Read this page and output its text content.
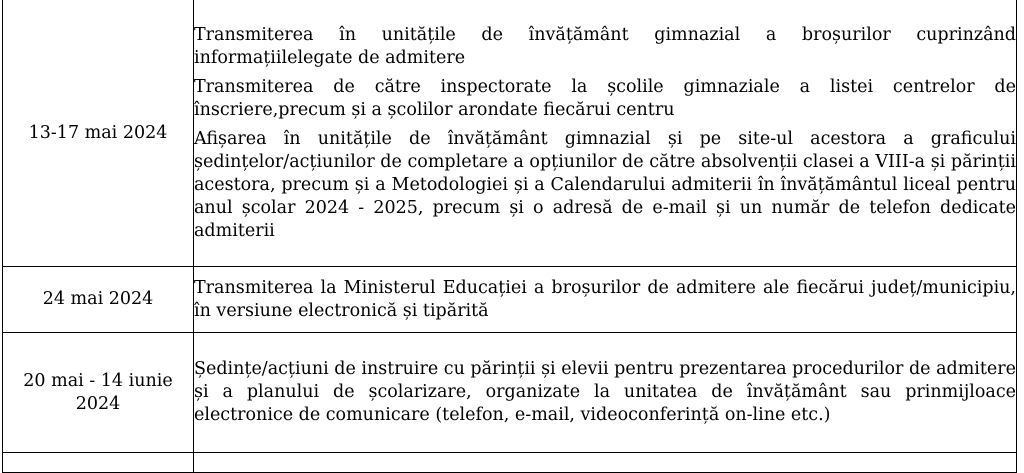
13-17 mai 2024	Transmiterea în unitățile de învățământ gimnazial a broșurilor cuprinzând informațiilelegate de admitere

Transmiterea de către inspectorate la școlile gimnaziale a listei centrelor de înscriere,precum și a școlilor arondate fiecărui centru

Afișarea în unitățile de învățământ gimnazial și pe site-ul acestora a graficului ședințelor/acțiunilor de completare a opțiunilor de către absolvenții clasei a VIII-a și părinții acestora, precum și a Metodologiei și a Calendarului admiterii în învățământul liceal pentru anul școlar 2024 - 2025, precum și o adresă de e-mail și un număr de telefon dedicate admiterii

24 mai 2024	Transmiterea la Ministerul Educației a broșurilor de admitere ale fiecărui județ/municipiu, în versiune electronică și tipărită

20 mai - 14 iunie 2024	Ședințe/acțiuni de instruire cu părinții și elevii pentru prezentarea procedurilor de admitere și a planului de școlarizare, organizate la unitatea de învățământ sau prinmijloace electronice de comunicare (telefon, e-mail, videoconferință on-line etc.)
